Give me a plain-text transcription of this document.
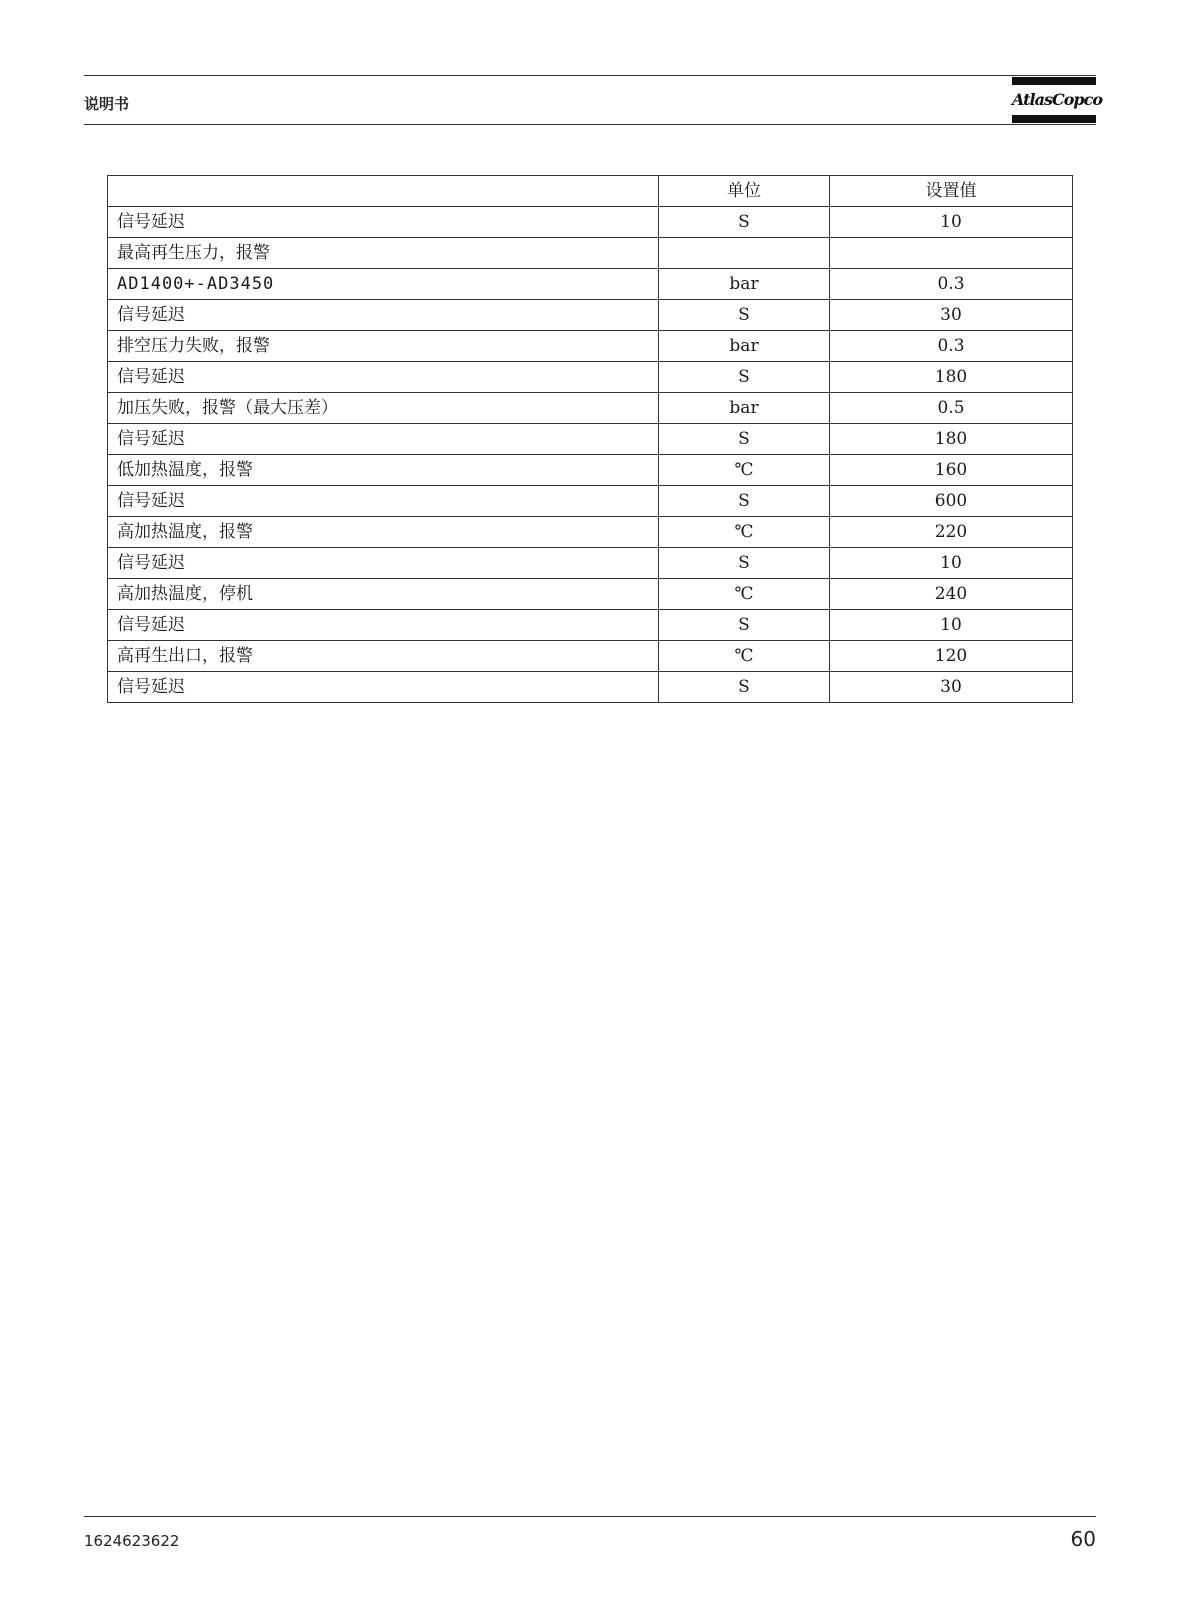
说明书	AtlasCopco
	单位	设置值
信号延迟	S	10
最高再生压力，报警		
AD1400+-AD3450	bar	0.3
信号延迟	S	30
排空压力失败，报警	bar	0.3
信号延迟	S	180
加压失败，报警（最大压差）	bar	0.5
信号延迟	S	180
低加热温度，报警	℃	160
信号延迟	S	600
高加热温度，报警	℃	220
信号延迟	S	10
高加热温度，停机	℃	240
信号延迟	S	10
高再生出口，报警	℃	120
信号延迟	S	30
1624623622	60
